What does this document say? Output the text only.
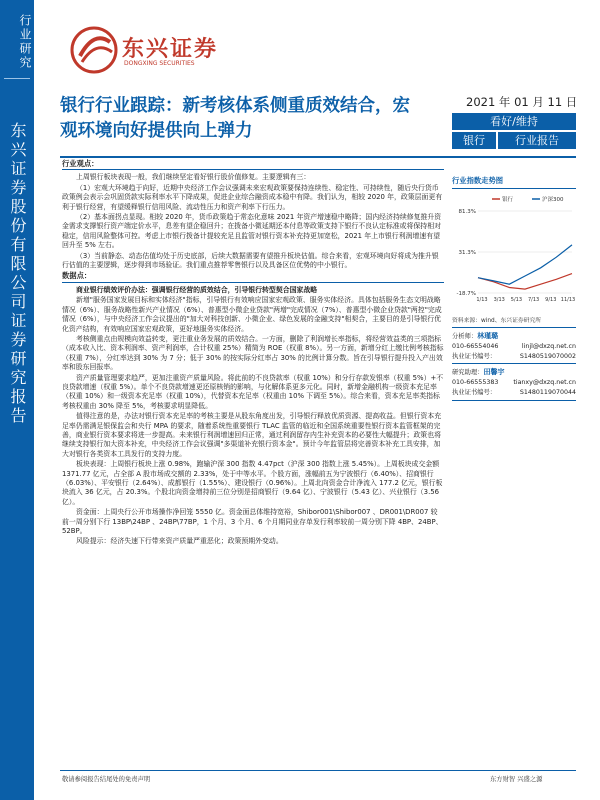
行业研究
东兴证券股份有限公司证券研究报告
东兴证券
DONGXING SECURITIES
银行行业跟踪：新考核体系侧重质效结合，宏观环境向好提供向上弹力
2021 年 01 月 11 日
看好/维持
银行	行业报告

行业观点：

上周银行板块表现一般，我们继续坚定看好银行股价值修复。主要逻辑有三：

（1）宏观大环境趋于向好，近期中央经济工作会议强调未来宏观政策要保持连续性、稳定性、可持续性，随后央行货币政策例会表示会巩固货款实际利率水平下降成果，促进企业综合融资成本稳中有降。我们认为，相较 2020 年，政策层面更有利于银行经营，有望缓释银行信用风险、流动性压力和资产利率下行压力。

（2）基本面拐点显现。相较 2020 年，货币政策趋于常态化意味 2021 年资产增速稳中略降；国内经济持续修复推升资金需求支撑银行资产端定价水平，息差有望企稳回升；在拨备小微延期还本付息等政策支持下银行不良认定标准或将保持相对稳定，信用风险整体可控。考虑上市银行拨备计提较充足且监管对银行资本补充持更加宽松，2021 年上市银行利润增速有望回升至 5% 左右。

（3）当前静态、动态估值均处于历史底部，后续大数据需要有望推升板块估值。综合来看，宏观环境向好将成为推升银行估值的主要逻辑，逐步得到市场验证。我们重点推荐零售银行以及具备区位优势的中小银行。

数据点：

商业银行绩效评价办法：强调银行经营的质效结合，引导银行转型契合国家战略

新增"服务国家发展目标和实体经济"指标，引导银行有效响应国家宏观政策、服务实体经济。具体包括服务生态文明战略情况（6%）、服务战略性新兴产业情况（6%）、普惠型小微企业贷款"两增"完成情况（7%）、普惠型小微企业贷款"两控"完成情况（6%），与中央经济工作会议提出的"加大对科技创新、小微企业、绿色发展的金融支持"相契合，主要目的是引导银行优化资产结构，有效响应国家宏观政策，更好地服务实体经济。

考核侧重点由规模向效益转变，更注重业务发展的质效结合。一方面，删除了利润增长率指标，将经营效益类的三项指标（成本收入比、资本利润率、资产利润率，合计权重 25%）精简为 ROE（权重 8%）。另一方面，新增分红上缴比例考核指标（权重 7%），分红率达到 30% 为 7 分；低于 30% 的按实际分红率占 30% 的比例计算分数。旨在引导银行提升投入产出效率和股东回报率。

资产质量管理要求趋严，更加注重资产质量风险。将此前的不良贷款率（权重 10%）和分行存款发银率（权重 5%）+不良贷款增速（权重 5%）。单个不良贷款增速更还原核销的影响，与化解体系更多元化。同时，新增金融机构一级资本充足率（权重 10%）和一级资本充足率（权重 10%），代替资本充足率（权重由 10% 下调至 5%）。综合来看，资本充足率类指标考核权重由 30% 降至 5%，考核要求明显降低。

值得注意的是，办法对银行资本充足率的考核主要是从股东角度出发，引导银行释放优质资源、提高收益。但银行资本充足率仍需满足银保监会和央行 MPA 的要求，随着系统性重要银行 TLAC 监管的临近和全国系统重要性银行资本监管框架的完善，商业银行资本要求将进一步提高。未来银行利润增速回归正常，通过利润留存内生补充资本的必要性大幅提升；政策也将继续支持银行加大资本补充，中央经济工作会议强调"多渠道补充银行资本金"。预计今年监管层将完善资本补充工具安排，加大对银行各类资本工具发行的支持力度。

板块表现：上周银行板块上涨 0.98%，跑输沪深 300 指数 4.47pct（沪深 300 指数上涨 5.45%）。上周板块成交金额 1371.77 亿元，占全部 A 股市场成交额的 2.33%，处于中等水平。个股方面，涨幅前五为宁波银行（6.40%）、招商银行（6.03%）、平安银行（2.64%）、成都银行（1.55%）、建设银行（0.96%）。上周北向资金合计净流入 177.2 亿元，银行板块流入 36 亿元，占 20.3%。个股北向资金增持前三位分别是招商银行（9.64 亿）、宁波银行（5.43 亿）、兴业银行（3.56 亿）。

资金面：上周央行公开市场操作净回笼 5550 亿。资金面总体维持宽裕，Shibor001\Shibor007 、DR001\DR007 较前一周分别下行 13BP\24BP 、24BP\77BP，1 个月、3 个月、6 个月期同业存单发行利率较前一周分别下降 4BP、24BP、52BP。

风险提示：经济失速下行带来资产质量严重恶化；政策预期外变动。

行业指数走势图
银行	沪深300
81.3%
31.3%
-18.7%
1/13 3/13 5/13 7/13 9/13 11/13
资料来源：wind、东兴证券研究所
分析师：林瑾璐
010-66554046	linjl@dxzq.net.cn
执业证书编号：	S1480519070002
研究助理：田馨宇
010-66555383 tianxy@dxzq.net.cn
执业证书编号：	S1480119070044
敬请参阅报告结尾处的免责声明	东方财智 兴盛之源
